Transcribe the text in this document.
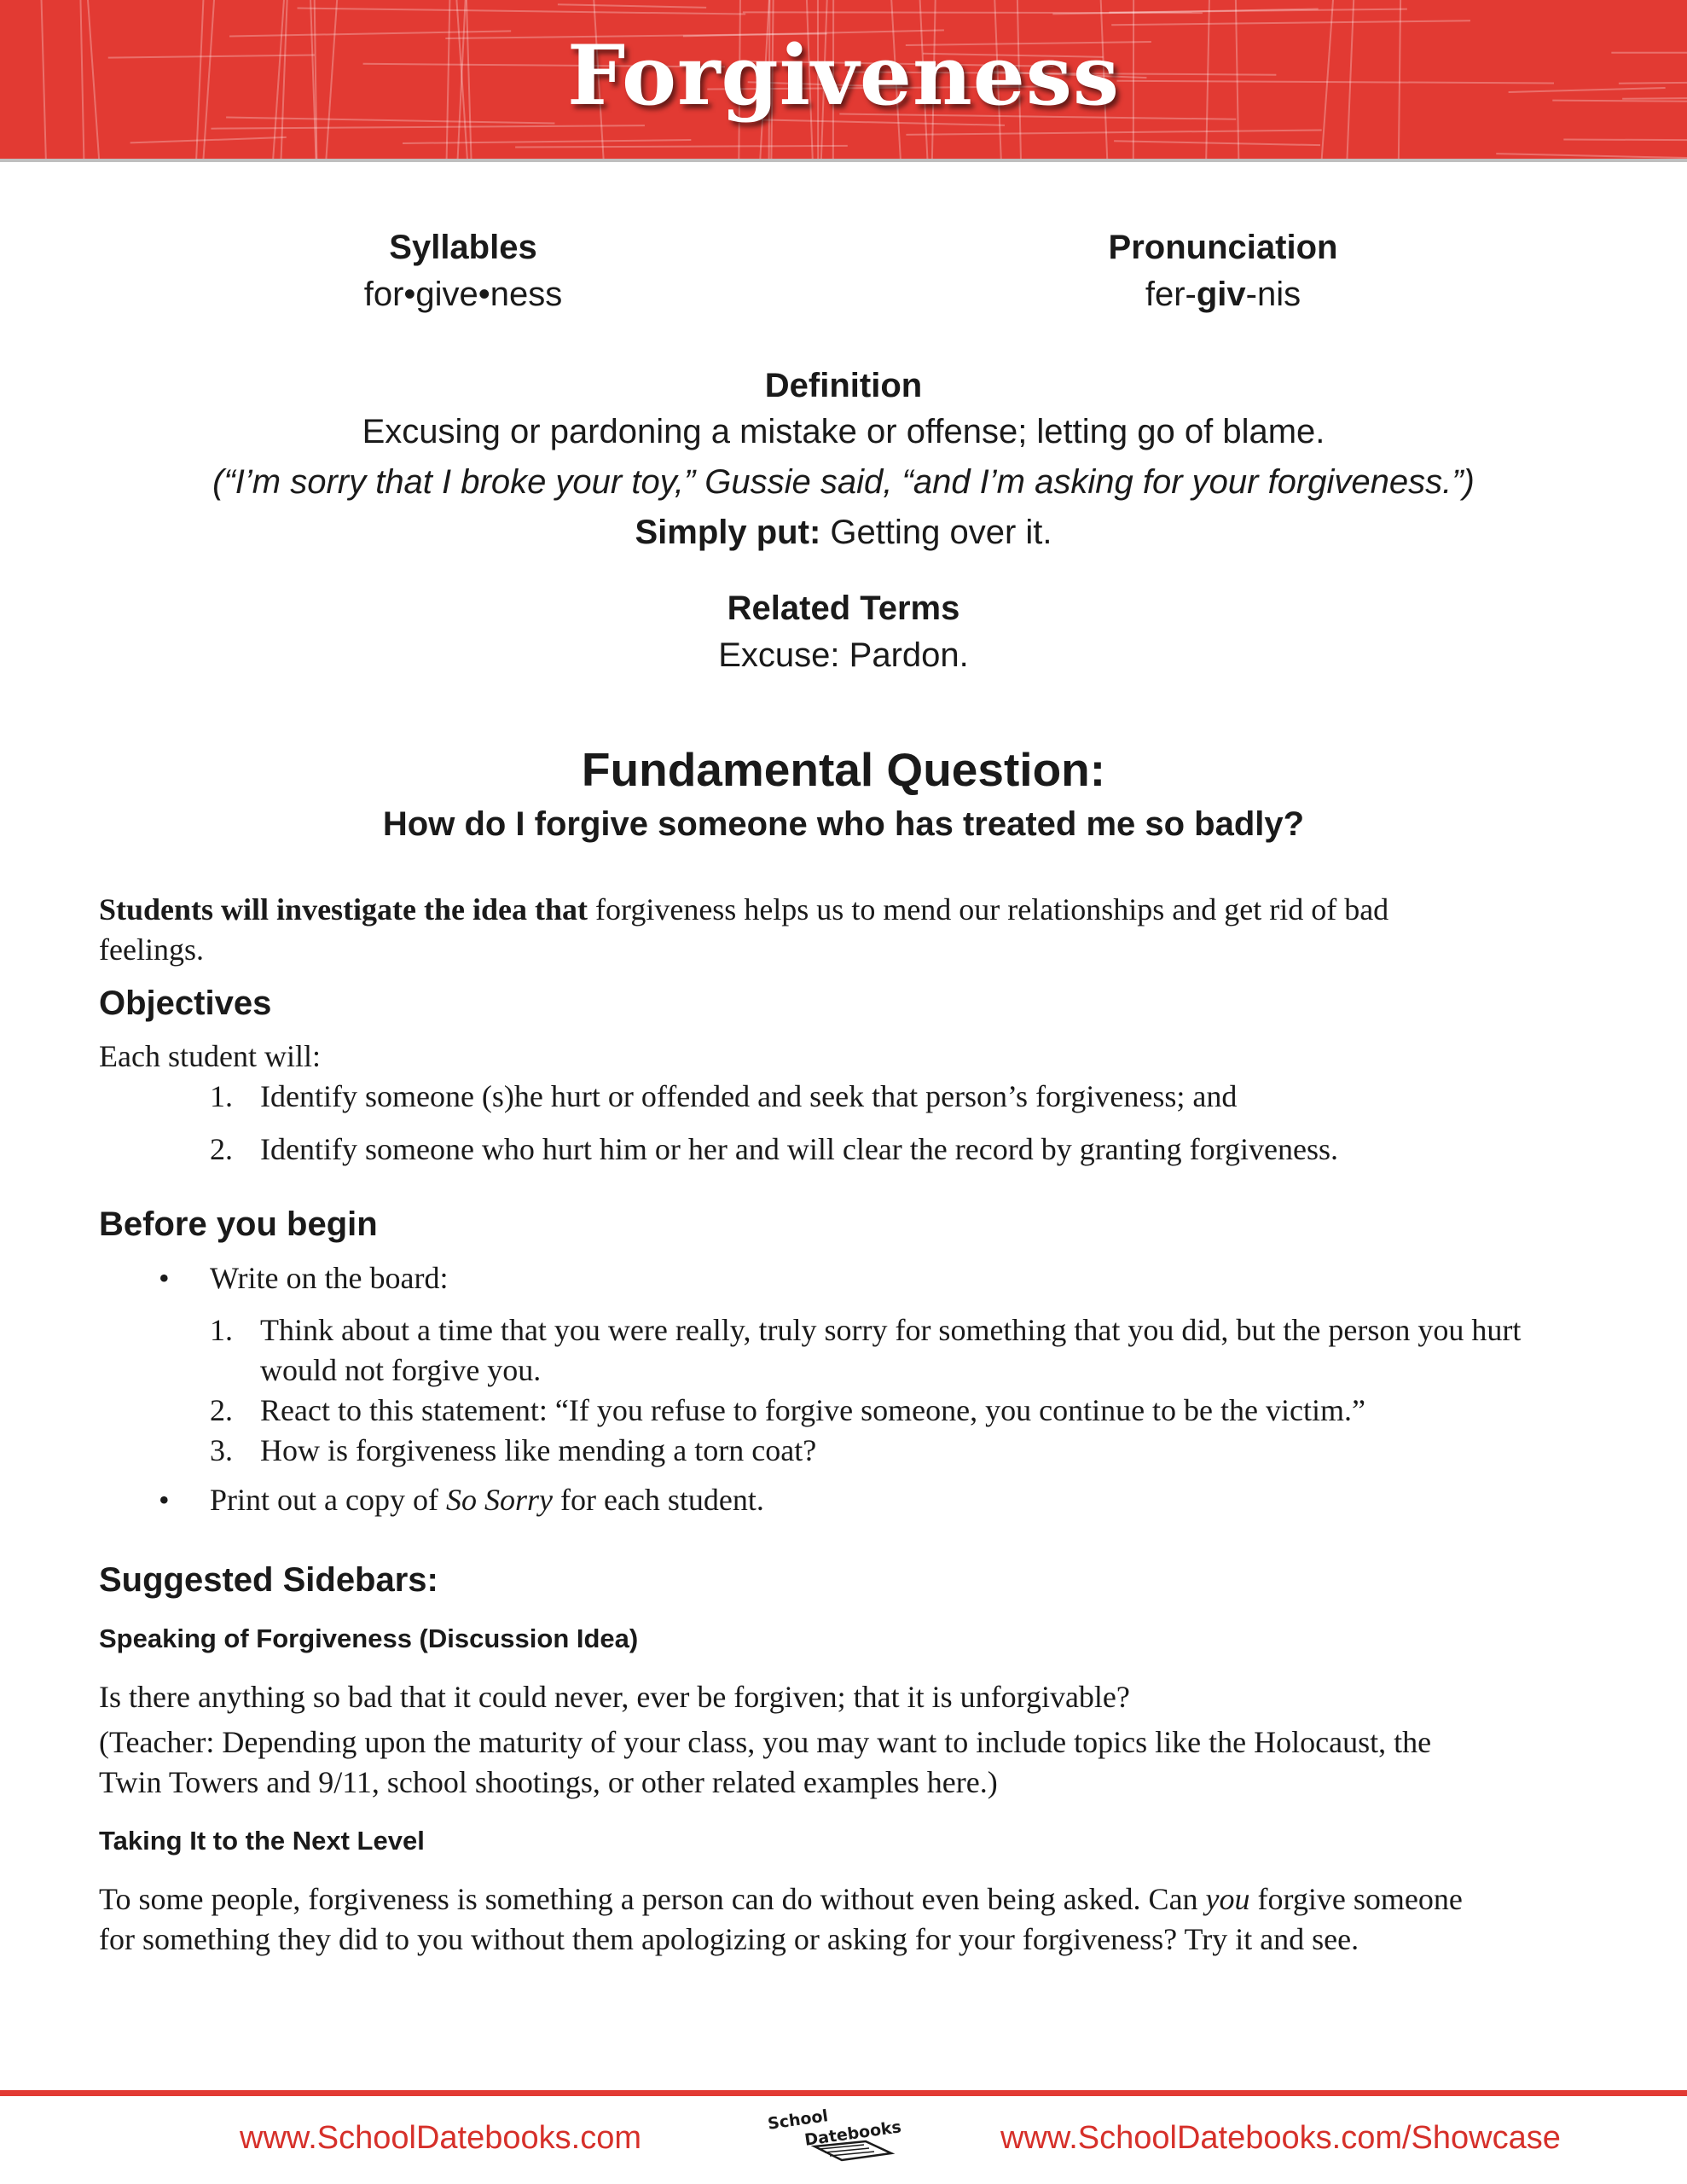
Forgiveness
Syllables
for•give•ness
Pronunciation
fer-giv-nis
Definition
Excusing or pardoning a mistake or offense; letting go of blame.
(“I’m sorry that I broke your toy,” Gussie said, “and I’m asking for your forgiveness.”)
Simply put: Getting over it.
Related Terms
Excuse: Pardon.
Fundamental Question:
How do I forgive someone who has treated me so badly?
Students will investigate the idea that forgiveness helps us to mend our relationships and get rid of bad
feelings.
Objectives
Each student will:
1. Identify someone (s)he hurt or offended and seek that person’s forgiveness; and
2. Identify someone who hurt him or her and will clear the record by granting forgiveness.
Before you begin
• Write on the board:
1. Think about a time that you were really, truly sorry for something that you did, but the person you hurt
would not forgive you.
2. React to this statement: “If you refuse to forgive someone, you continue to be the victim.”
3. How is forgiveness like mending a torn coat?
• Print out a copy of So Sorry for each student.
Suggested Sidebars:
Speaking of Forgiveness (Discussion Idea)
Is there anything so bad that it could never, ever be forgiven; that it is unforgivable?
(Teacher: Depending upon the maturity of your class, you may want to include topics like the Holocaust, the
Twin Towers and 9/11, school shootings, or other related examples here.)
Taking It to the Next Level
To some people, forgiveness is something a person can do without even being asked. Can you forgive someone
for something they did to you without them apologizing or asking for your forgiveness? Try it and see.
www.SchoolDatebooks.com	School
Datebooks	www.SchoolDatebooks.com/Showcase
